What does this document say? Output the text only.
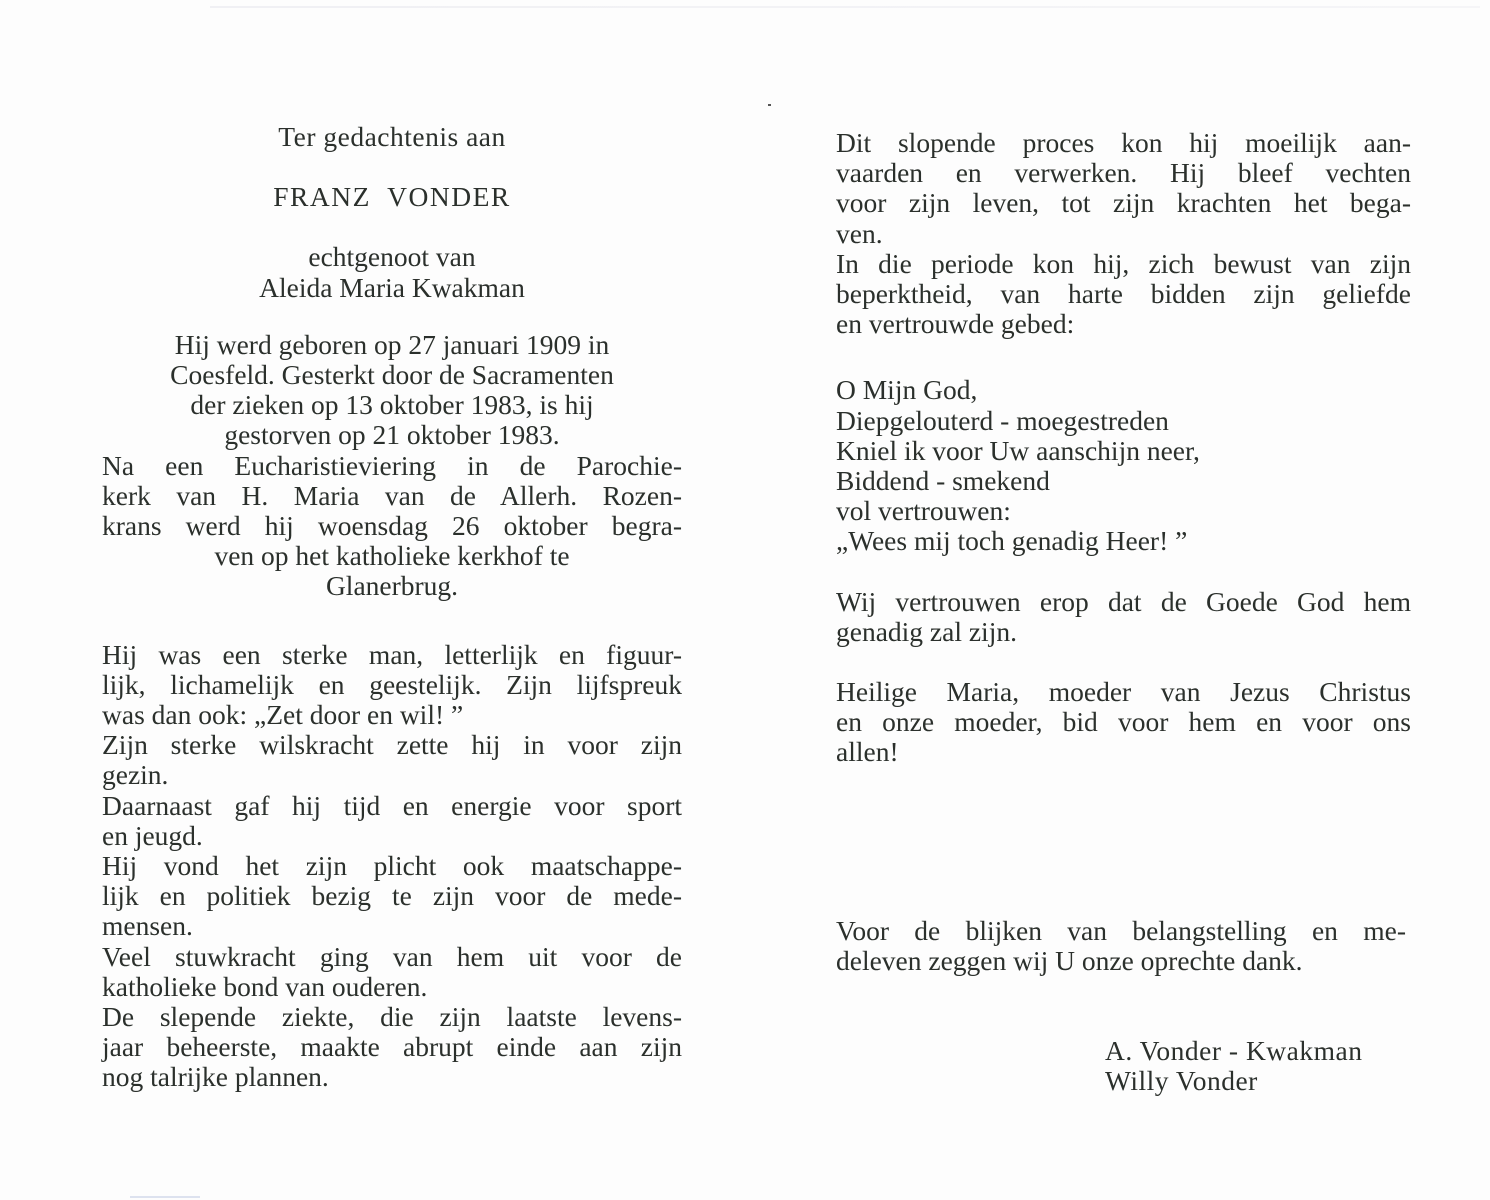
Ter gedachtenis aan
FRANZ  VONDER
echtgenoot van
Aleida Maria Kwakman
Hij werd geboren op 27 januari 1909 in
Coesfeld. Gesterkt door de Sacramenten
der zieken op 13 oktober 1983, is hij
gestorven op 21 oktober 1983.
Na een Eucharistieviering in de Parochie-
kerk van H. Maria van de Allerh. Rozen-
krans werd hij woensdag 26 oktober begra-
ven op het katholieke kerkhof te
Glanerbrug.
Hij was een sterke man, letterlijk en figuur-
lijk, lichamelijk en geestelijk. Zijn lijfspreuk
was dan ook: „Zet door en wil! ”
Zijn sterke wilskracht zette hij in voor zijn
gezin.
Daarnaast gaf hij tijd en energie voor sport
en jeugd.
Hij vond het zijn plicht ook maatschappe-
lijk en politiek bezig te zijn voor de mede-
mensen.
Veel stuwkracht ging van hem uit voor de
katholieke bond van ouderen.
De slepende ziekte, die zijn laatste levens-
jaar beheerste, maakte abrupt einde aan zijn
nog talrijke plannen.
Dit slopende proces kon hij moeilijk aan-
vaarden en verwerken. Hij bleef vechten
voor zijn leven, tot zijn krachten het bega-
ven.
In die periode kon hij, zich bewust van zijn
beperktheid, van harte bidden zijn geliefde
en vertrouwde gebed:
O Mijn God,
Diepgelouterd - moegestreden
Kniel ik voor Uw aanschijn neer,
Biddend - smekend
vol vertrouwen:
„Wees mij toch genadig Heer! ”
Wij vertrouwen erop dat de Goede God hem
genadig zal zijn.
Heilige Maria, moeder van Jezus Christus
en onze moeder, bid voor hem en voor ons
allen!
Voor de blijken van belangstelling en me-
deleven zeggen wij U onze oprechte dank.
A. Vonder - Kwakman
Willy Vonder
